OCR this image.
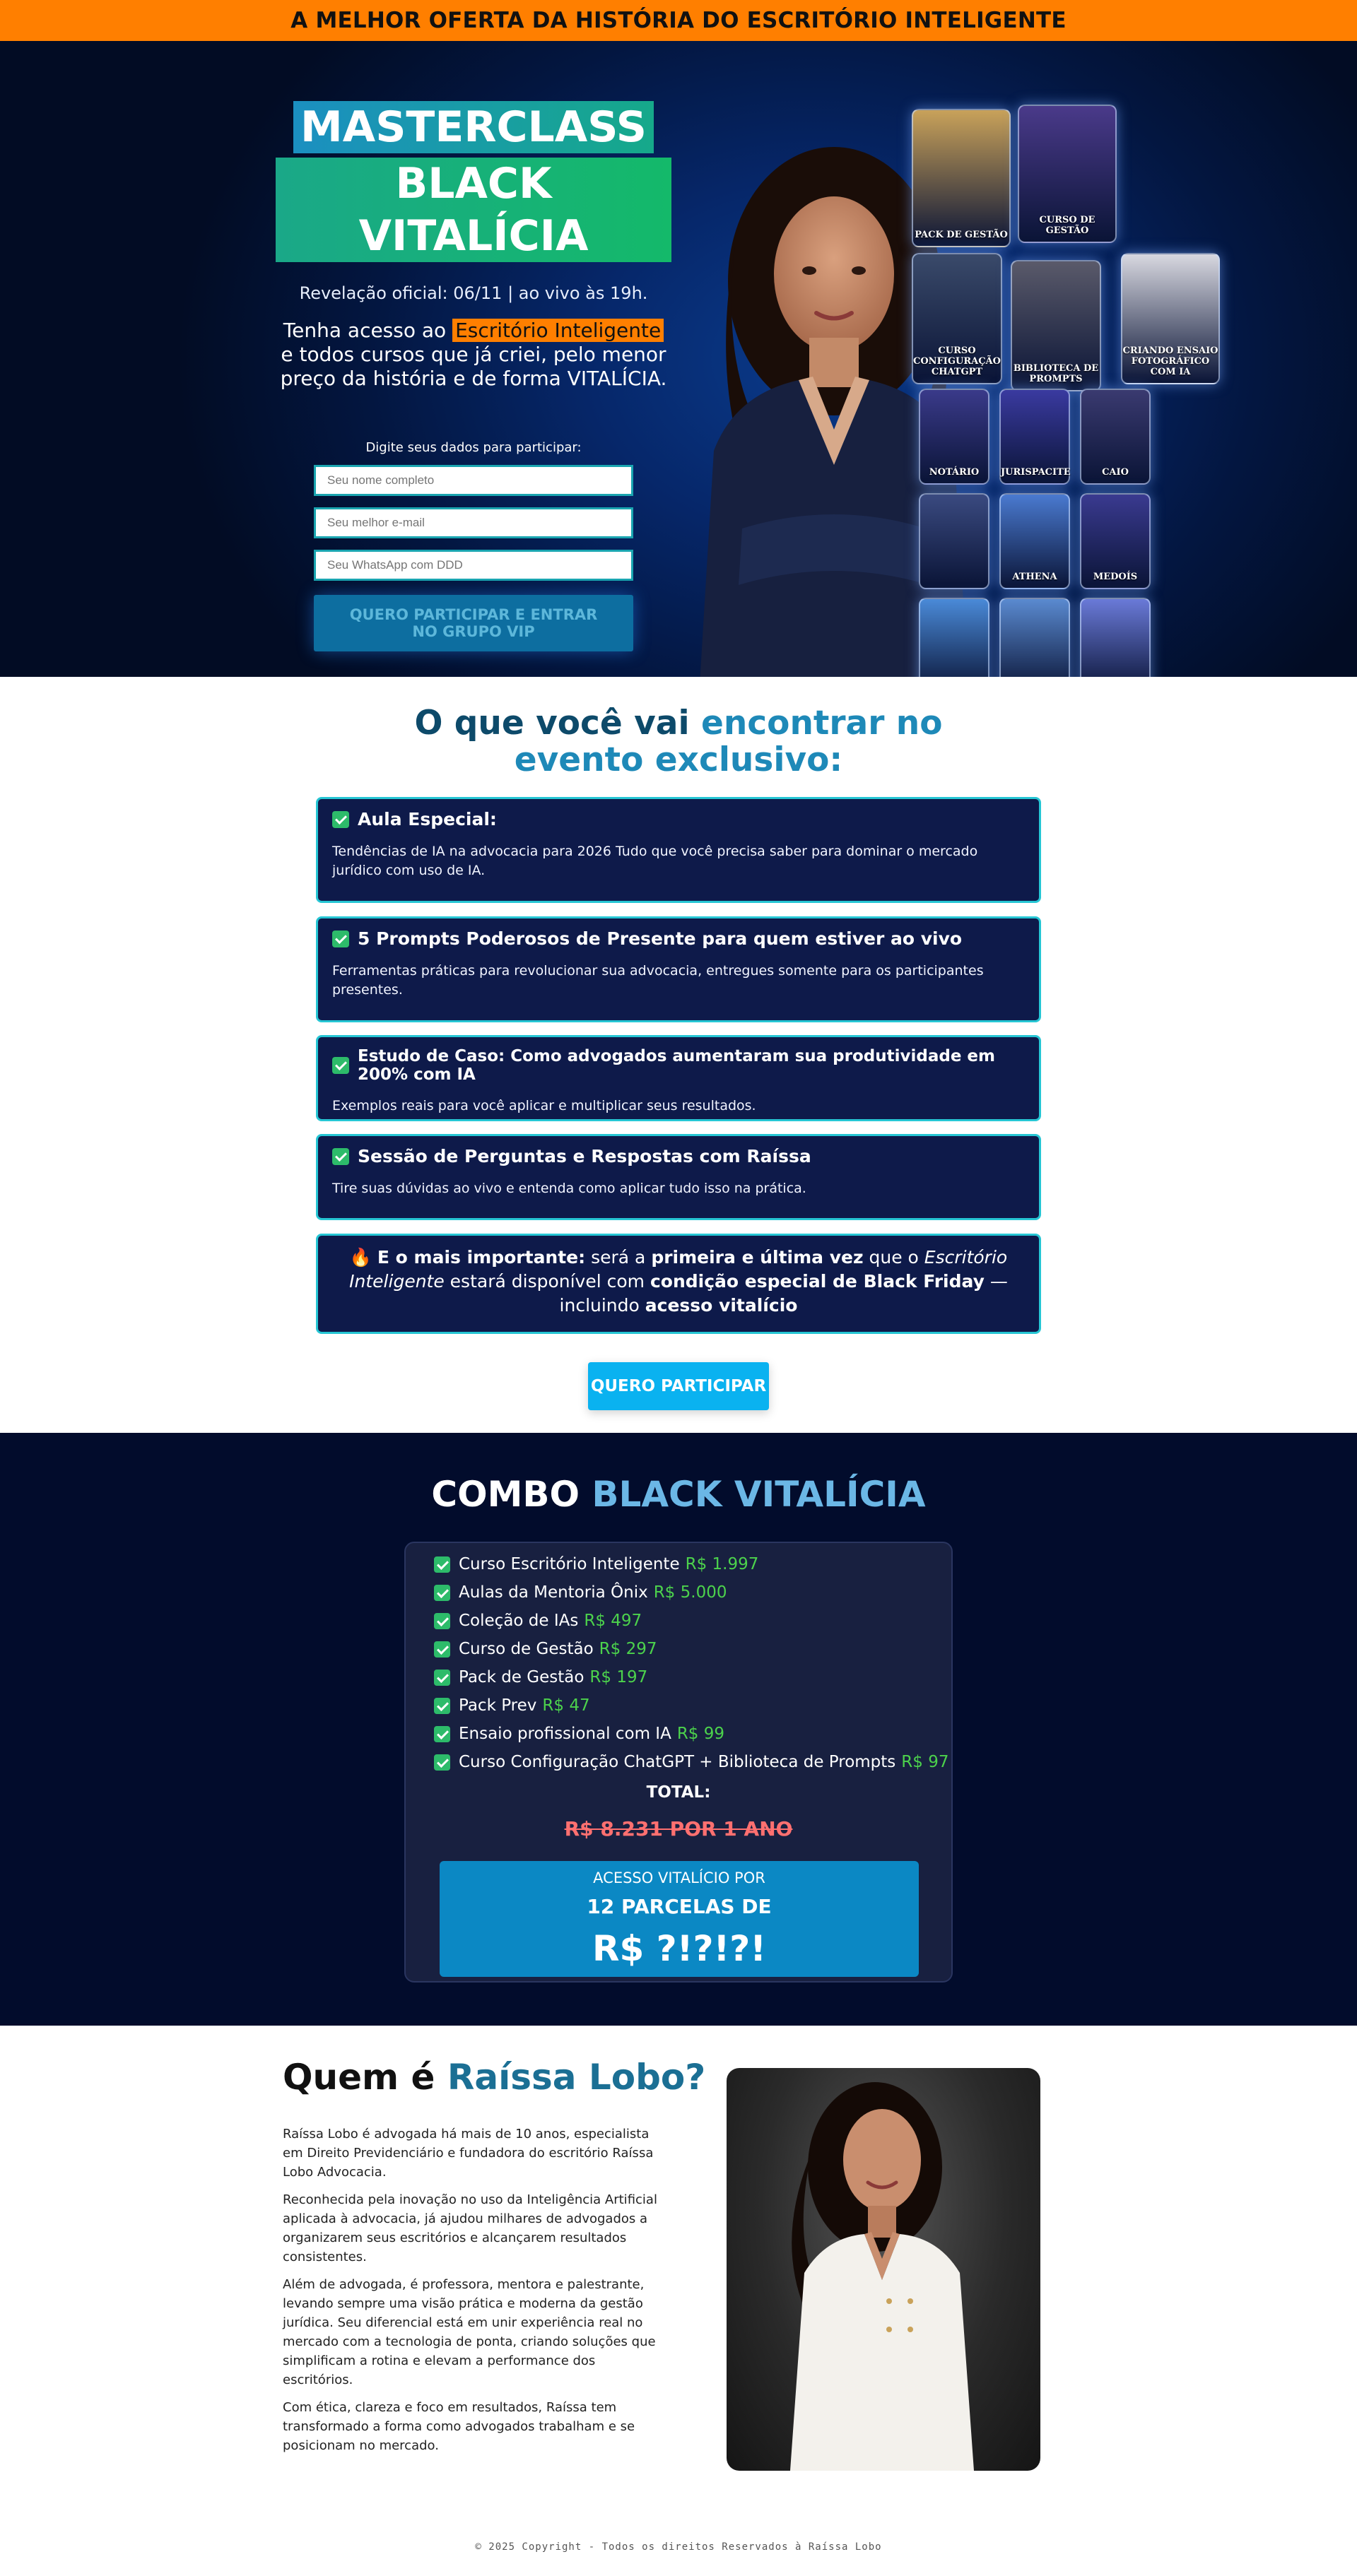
A MELHOR OFERTA DA HISTÓRIA DO ESCRITÓRIO INTELIGENTE
MASTERCLASS
BLACK VITALÍCIA

Revelação oficial: 06/11 | ao vivo às 19h.

Tenha acesso ao Escritório Inteligente e todos cursos que já criei, pelo menor preço da história e de forma VITALÍCIA.

Digite seus dados para participar:

Seu nome completo
Seu melhor e-mail
Seu WhatsApp com DDD
QUERO PARTICIPAR E ENTRAR NO GRUPO VIP
PACK DE GESTÃO
CURSO DE GESTÃO
CURSO CONFIGURAÇÃO CHATGPT	BIBLIOTECA DE PROMPTS
CRIANDO ENSAIO FOTOGRÁFICO COM IA
NOTÁRIO	JURISPACITE	CAIO
ATHENA	MEDOÍS
O que você vai encontrar no
evento exclusivo:
Aula Especial:

Tendências de IA na advocacia para 2026 Tudo que você precisa saber para dominar o mercado jurídico com uso de IA.

5 Prompts Poderosos de Presente para quem estiver ao vivo

Ferramentas práticas para revolucionar sua advocacia, entregues somente para os participantes presentes.

Estudo de Caso: Como advogados aumentaram sua produtividade em 200% com IA

Exemplos reais para você aplicar e multiplicar seus resultados.

Sessão de Perguntas e Respostas com Raíssa

Tire suas dúvidas ao vivo e entenda como aplicar tudo isso na prática.

🔥 E o mais importante: será a primeira e última vez que o Escritório Inteligente estará disponível com condição especial de Black Friday — incluindo acesso vitalício
QUERO PARTICIPAR
COMBO BLACK VITALÍCIA
Curso Escritório Inteligente R$ 1.997
Aulas da Mentoria Ônix R$ 5.000
Coleção de IAs R$ 497
Curso de Gestão R$ 297
Pack de Gestão R$ 197
Pack Prev R$ 47
Ensaio profissional com IA R$ 99
Curso Configuração ChatGPT + Biblioteca de Prompts R$ 97
TOTAL:
R$ 8.231 POR 1 ANO
ACESSO VITALÍCIO POR
12 PARCELAS DE
R$ ?!?!?!
Quem é Raíssa Lobo?

Raíssa Lobo é advogada há mais de 10 anos, especialista em Direito Previdenciário e fundadora do escritório Raíssa Lobo Advocacia.

Reconhecida pela inovação no uso da Inteligência Artificial aplicada à advocacia, já ajudou milhares de advogados a organizarem seus escritórios e alcançarem resultados consistentes.

Além de advogada, é professora, mentora e palestrante, levando sempre uma visão prática e moderna da gestão jurídica. Seu diferencial está em unir experiência real no mercado com a tecnologia de ponta, criando soluções que simplificam a rotina e elevam a performance dos escritórios.

Com ética, clareza e foco em resultados, Raíssa tem transformado a forma como advogados trabalham e se posicionam no mercado.

© 2025 Copyright - Todos os direitos Reservados à Raíssa Lobo
